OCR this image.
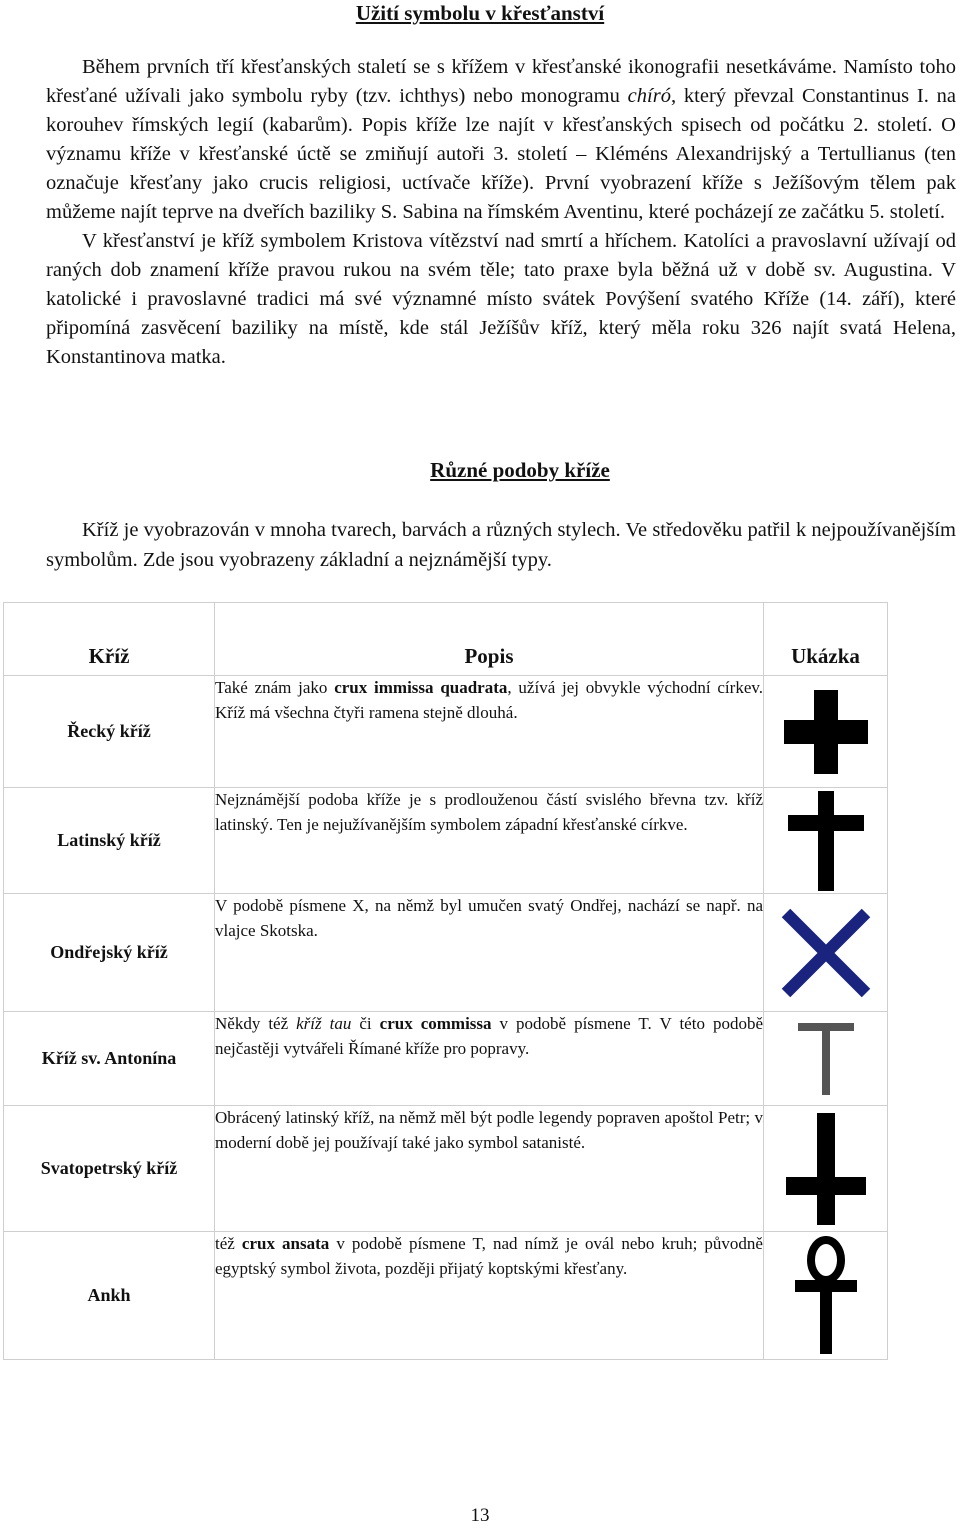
Užití symbolu v křesťanství

Během prvních tří křesťanských staletí se s křížem v křesťanské ikonografii nesetkáváme. Namísto toho křesťané užívali jako symbolu ryby (tzv. ichthys) nebo monogramu chíró, který převzal Constantinus I. na korouhev římských legií (kabarům). Popis kříže lze najít v křesťanských spisech od počátku 2. století. O významu kříže v křesťanské úctě se zmiňují autoři 3. století – Kléméns Alexandrijský a Tertullianus (ten označuje křesťany jako crucis religiosi, uctívače kříže). První vyobrazení kříže s Ježíšovým tělem pak můžeme najít teprve na dveřích baziliky S. Sabina na římském Aventinu, které pocházejí ze začátku 5. století.

V křesťanství je kříž symbolem Kristova vítězství nad smrtí a hříchem. Katolíci a pravoslavní užívají od raných dob znamení kříže pravou rukou na svém těle; tato praxe byla běžná už v době sv. Augustina. V katolické i pravoslavné tradici má své významné místo svátek Povýšení svatého Kříže (14. září), které připomíná zasvěcení baziliky na místě, kde stál Ježíšův kříž, který měla roku 326 najít svatá Helena, Konstantinova matka.

Různé podoby kříže
Kříž je vyobrazován v mnoha tvarech, barvách a různých stylech. Ve středověku patřil k nejpoužívanějším symbolům. Zde jsou vyobrazeny základní a nejznámější typy.
Kříž	Popis	Ukázka
Řecký kříž	Také znám jako crux immissa quadrata, užívá jej obvykle východní církev. Kříž má všechna čtyři ramena stejně dlouhá.	

Latinský kříž	Nejznámější podoba kříže je s prodlouženou částí svislého břevna tzv. kříž latinský. Ten je nejužívanějším symbolem západní křesťanské církve.	

Ondřejský kříž	V podobě písmene X, na němž byl umučen svatý Ondřej, nachází se např. na vlajce Skotska.	

Kříž sv. Antonína	Někdy též kříž tau či crux commissa v podobě písmene T. V této podobě nejčastěji vytvářeli Římané kříže pro popravy.	

Svatopetrský kříž	Obrácený latinský kříž, na němž měl být podle legendy popraven apoštol Petr; v moderní době jej používají také jako symbol satanisté.	

Ankh	též crux ansata v podobě písmene T, nad nímž je ovál nebo kruh; původně egyptský symbol života, později přijatý koptskými křesťany.	
13
